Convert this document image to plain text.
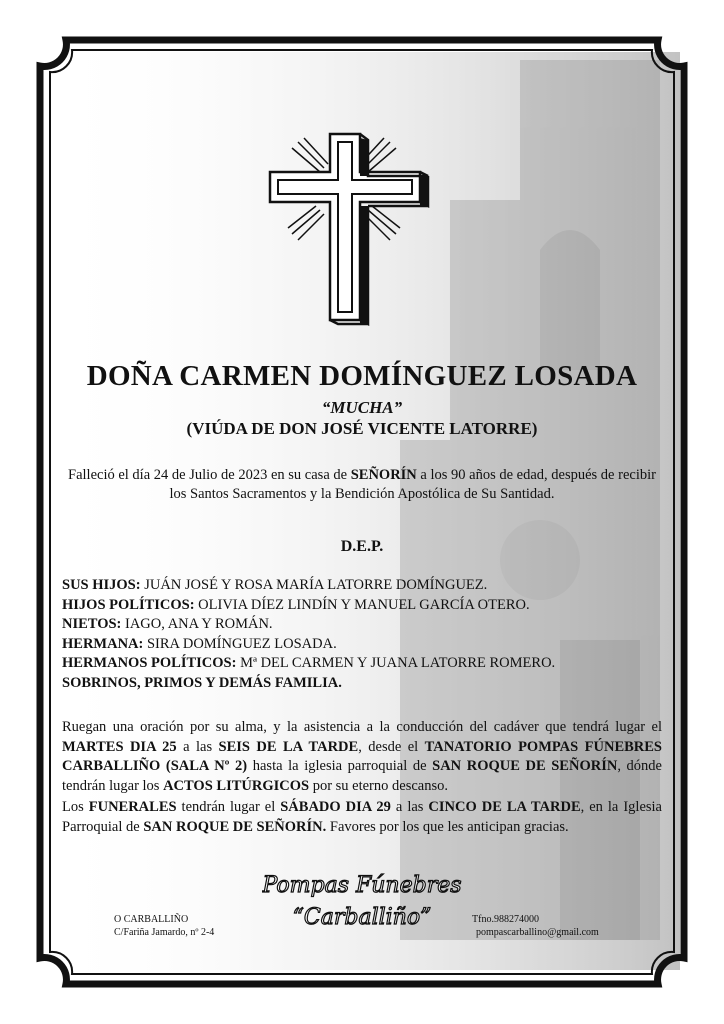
DOÑA CARMEN DOMÍNGUEZ LOSADA
“MUCHA”
(VIÚDA DE DON JOSÉ VICENTE LATORRE)
Falleció el día 24 de Julio de 2023 en su casa de SEÑORÍN a los 90 años de edad, después de recibir los Santos Sacramentos y la Bendición Apostólica de Su Santidad.
D.E.P.
SUS HIJOS: JUÁN JOSÉ Y ROSA MARÍA LATORRE DOMÍNGUEZ.
HIJOS POLÍTICOS: OLIVIA DÍEZ LINDÍN Y MANUEL GARCÍA OTERO.
NIETOS: IAGO, ANA Y ROMÁN.
HERMANA: SIRA DOMÍNGUEZ LOSADA.
HERMANOS POLÍTICOS: Mª DEL CARMEN Y JUANA LATORRE ROMERO.
SOBRINOS, PRIMOS Y DEMÁS FAMILIA.

Ruegan una oración por su alma, y la asistencia a la conducción del cadáver que tendrá lugar el MARTES DIA 25 a las SEIS DE LA TARDE, desde el TANATORIO POMPAS FÚNEBRES CARBALLIÑO (SALA Nº 2) hasta la iglesia parroquial de SAN ROQUE DE SEÑORÍN, dónde tendrán lugar los ACTOS LITÚRGICOS por su eterno descanso.

Los FUNERALES tendrán lugar el SÁBADO DIA 29 a las CINCO DE LA TARDE, en la Iglesia Parroquial de SAN ROQUE DE SEÑORÍN. Favores por los que les anticipan gracias.

Pompas Fúnebres
“Carballiño”
O CARBALLIÑO
C/Fariña Jamardo, nº 2-4
Tfno.988274000
pompascarballino@gmail.com
